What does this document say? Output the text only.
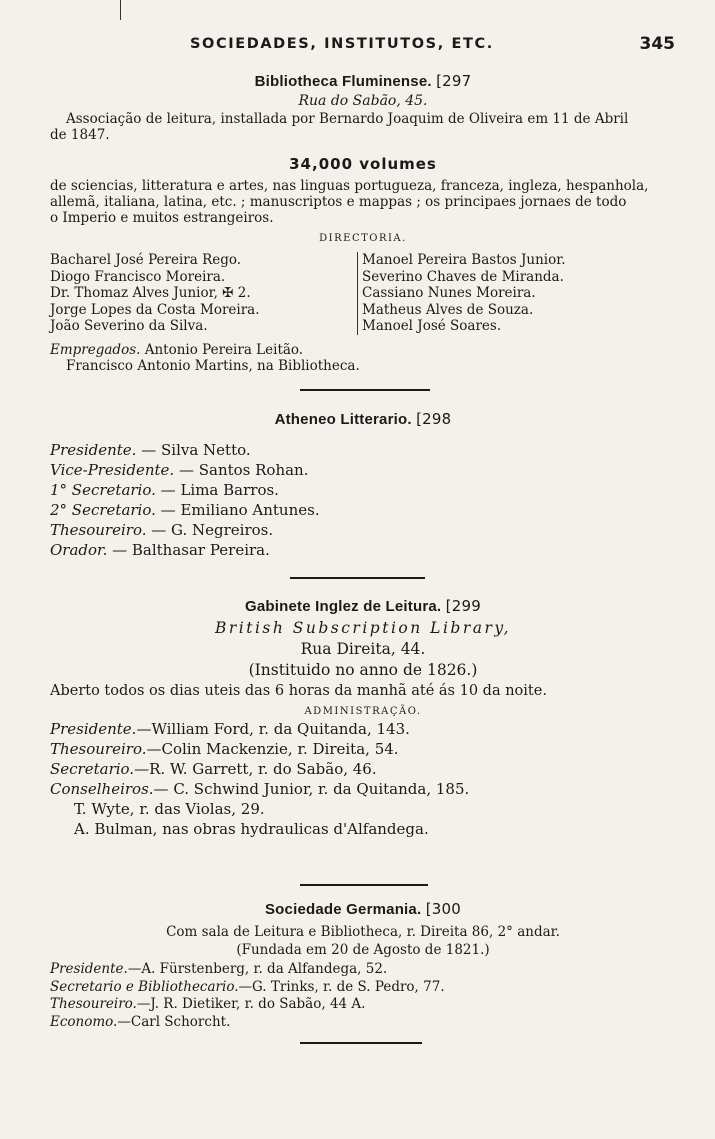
SOCIEDADES, INSTITUTOS, ETC.	345
Bibliotheca Fluminense. [297
Rua do Sabão, 45.
Associação de leitura, installada por Bernardo Joaquim de Oliveira em 11 de Abril
de 1847.
34,000 volumes
de sciencias, litteratura e artes, nas linguas portugueza, franceza, ingleza, hespanhola,
allemã, italiana, latina, etc. ; manuscriptos e mappas ; os principaes jornaes de todo
o Imperio e muitos estrangeiros.
DIRECTORIA.
Bacharel José Pereira Rego.
Diogo Francisco Moreira.
Dr. Thomaz Alves Junior, ✠ 2.
Jorge Lopes da Costa Moreira.
João Severino da Silva.
Manoel Pereira Bastos Junior.
Severino Chaves de Miranda.
Cassiano Nunes Moreira.
Matheus Alves de Souza.
Manoel José Soares.
Empregados. Antonio Pereira Leitão.
Francisco Antonio Martins, na Bibliotheca.
Atheneo Litterario. [298
Presidente. — Silva Netto.
Vice-Presidente. — Santos Rohan.
1° Secretario. — Lima Barros.
2° Secretario. — Emiliano Antunes.
Thesoureiro. — G. Negreiros.
Orador. — Balthasar Pereira.
Gabinete Inglez de Leitura. [299
British Subscription Library,
Rua Direita, 44.
(Instituido no anno de 1826.)
Aberto todos os dias uteis das 6 horas da manhã até ás 10 da noite.
ADMINISTRAÇÃO.
Presidente.—William Ford, r. da Quitanda, 143.
Thesoureiro.—Colin Mackenzie, r. Direita, 54.
Secretario.—R. W. Garrett, r. do Sabão, 46.
Conselheiros.— C. Schwind Junior, r. da Quitanda, 185.
T. Wyte, r. das Violas, 29.
A. Bulman, nas obras hydraulicas d'Alfandega.
Sociedade Germania. [300
Com sala de Leitura e Bibliotheca, r. Direita 86, 2° andar.
(Fundada em 20 de Agosto de 1821.)
Presidente.—A. Fürstenberg, r. da Alfandega, 52.
Secretario e Bibliothecario.—G. Trinks, r. de S. Pedro, 77.
Thesoureiro.—J. R. Dietiker, r. do Sabão, 44 A.
Economo.—Carl Schorcht.
